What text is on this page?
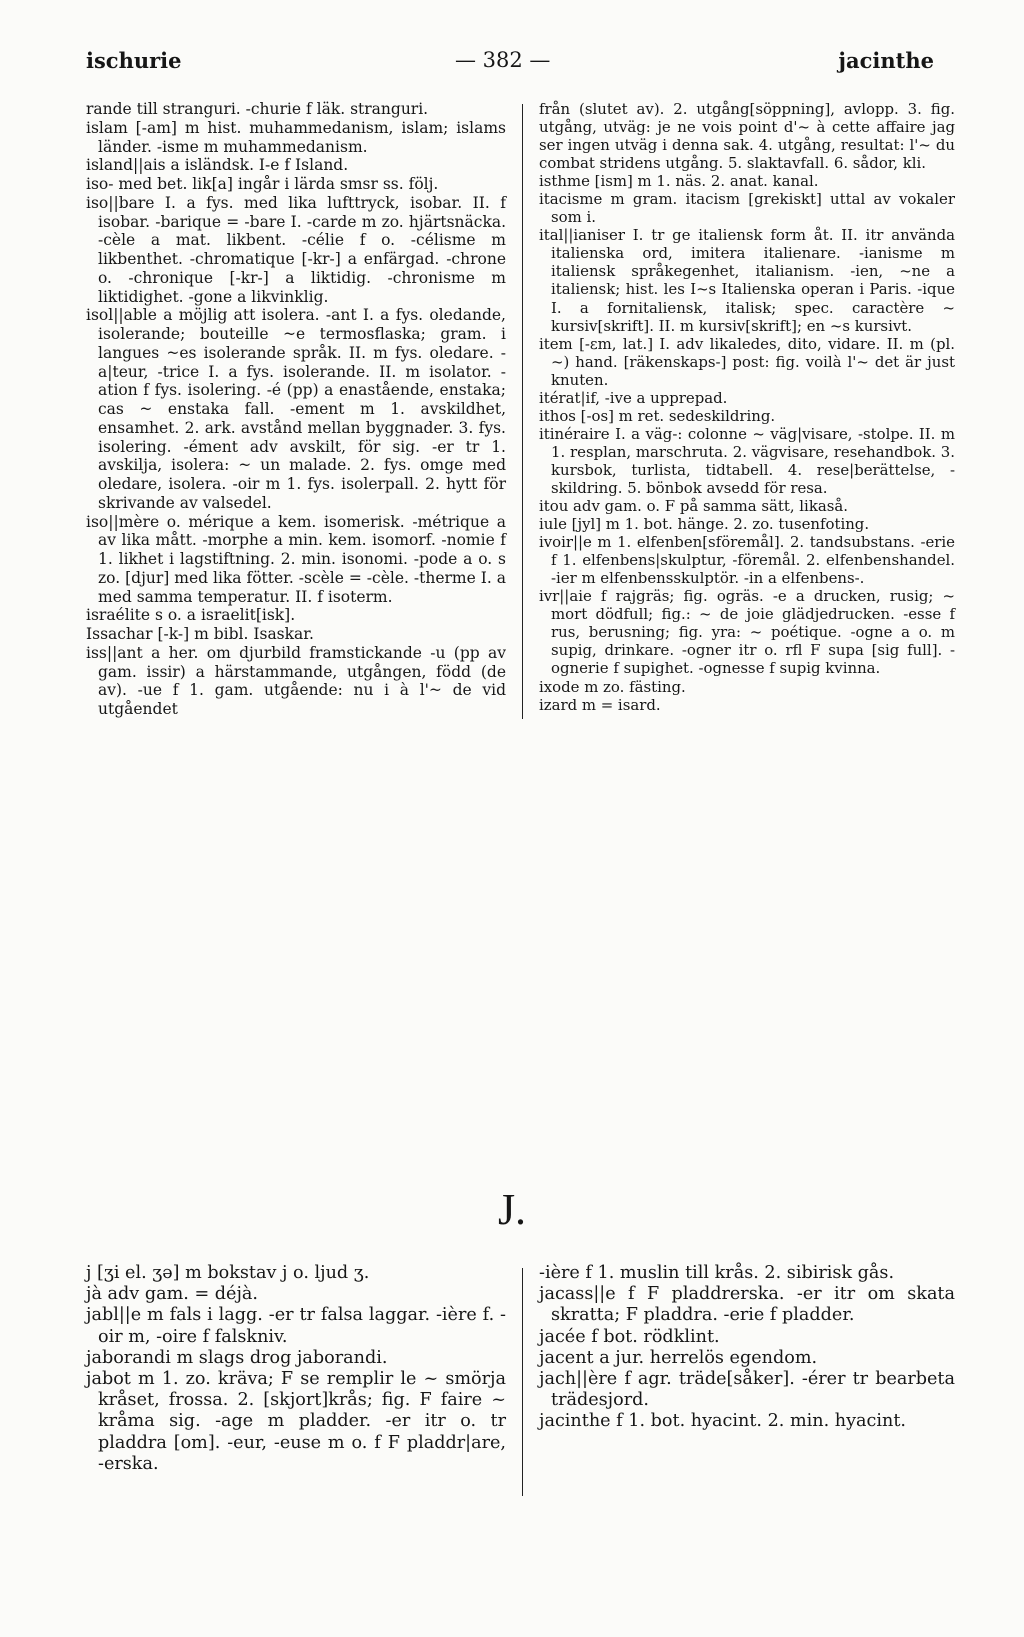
ischurie	— 382 —	jacinthe

rande till stranguri. -churie f läk. stranguri.

islam [-am] m hist. muhammedanism, islam; islams länder. -isme m muhammedanism.

island||ais a isländsk. I-e f Island.

iso- med bet. lik[a] ingår i lärda smsr ss. följ.

iso||bare I. a fys. med lika lufttryck, isobar. II. f isobar. -barique = -bare I. -carde m zo. hjärtsnäcka. -cèle a mat. likbent. -célie f o. -célisme m likbenthet. -chromatique [-kr-] a enfärgad. -chrone o. -chronique [-kr-] a liktidig. -chronisme m liktidighet. -gone a likvinklig.

isol||able a möjlig att isolera. -ant I. a fys. oledande, isolerande; bouteille ~e termosflaska; gram. i langues ~es isolerande språk. II. m fys. oledare. -a|teur, -trice I. a fys. isolerande. II. m isolator. -ation f fys. isolering. -é (pp) a enastående, enstaka; cas ~ enstaka fall. -ement m 1. avskildhet, ensamhet. 2. ark. avstånd mellan byggnader. 3. fys. isolering. -ément adv avskilt, för sig. -er tr 1. avskilja, isolera: ~ un malade. 2. fys. omge med oledare, isolera. -oir m 1. fys. isolerpall. 2. hytt för skrivande av valsedel.

iso||mère o. mérique a kem. isomerisk. -métrique a av lika mått. -morphe a min. kem. isomorf. -nomie f 1. likhet i lagstiftning. 2. min. isonomi. -pode a o. s zo. [djur] med lika fötter. -scèle = -cèle. -therme I. a med samma temperatur. II. f isoterm.

israélite s o. a israelit[isk].

Issachar [-k-] m bibl. Isaskar.

iss||ant a her. om djurbild framstickande -u (pp av gam. issir) a härstammande, utgången, född (de av). -ue f 1. gam. utgående: nu i à l'~ de vid utgåendet

från (slutet av). 2. utgång[söppning], avlopp. 3. fig. utgång, utväg: je ne vois point d'~ à cette affaire jag ser ingen utväg i denna sak. 4. utgång, resultat: l'~ du combat stridens utgång. 5. slaktavfall. 6. sådor, kli.

isthme [ism] m 1. näs. 2. anat. kanal.

itacisme m gram. itacism [grekiskt] uttal av vokaler som i.

ital||ianiser I. tr ge italiensk form åt. II. itr använda italienska ord, imitera italienare. -ianisme m italiensk språkegenhet, italianism. -ien, ~ne a italiensk; hist. les I~s Italienska operan i Paris. -ique I. a fornitaliensk, italisk; spec. caractère ~ kursiv[skrift]. II. m kursiv[skrift]; en ~s kursivt.

item [-εm, lat.] I. adv likaledes, dito, vidare. II. m (pl. ~) hand. [räkenskaps-] post: fig. voilà l'~ det är just knuten.

itérat|if, -ive a upprepad.

ithos [-os] m ret. sedeskildring.

itinéraire I. a väg-: colonne ~ väg|visare, -stolpe. II. m 1. resplan, marschruta. 2. vägvisare, resehandbok. 3. kursbok, turlista, tidtabell. 4. rese|berättelse, -skildring. 5. bönbok avsedd för resa.

itou adv gam. o. F på samma sätt, likaså.

iule [jyl] m 1. bot. hänge. 2. zo. tusenfoting.

ivoir||e m 1. elfenben[sföremål]. 2. tandsubstans. -erie f 1. elfenbens|skulptur, -föremål. 2. elfenbenshandel. -ier m elfenbensskulptör. -in a elfenbens-.

ivr||aie f rajgräs; fig. ogräs. -e a drucken, rusig; ~ mort dödfull; fig.: ~ de joie glädjedrucken. -esse f rus, berusning; fig. yra: ~ poétique. -ogne a o. m supig, drinkare. -ogner itr o. rfl F supa [sig full]. -ognerie f supighet. -ognesse f supig kvinna.

ixode m zo. fästing.

izard m = isard.

J.

j [ʒi el. ʒə] m bokstav j o. ljud ʒ.

jà adv gam. = déjà.

jabl||e m fals i lagg. -er tr falsa laggar. -ière f. -oir m, -oire f falskniv.

jaborandi m slags drog jaborandi.

jabot m 1. zo. kräva; F se remplir le ~ smörja kråset, frossa. 2. [skjort]krås; fig. F faire ~ kråma sig. -age m pladder. -er itr o. tr pladdra [om]. -eur, -euse m o. f F pladdr|are, -erska.

-ière f 1. muslin till krås. 2. sibirisk gås.

jacass||e f F pladdrerska. -er itr om skata skratta; F pladdra. -erie f pladder.

jacée f bot. rödklint.

jacent a jur. herrelös egendom.

jach||ère f agr. träde[såker]. -érer tr bearbeta trädesjord.

jacinthe f 1. bot. hyacint. 2. min. hyacint.
